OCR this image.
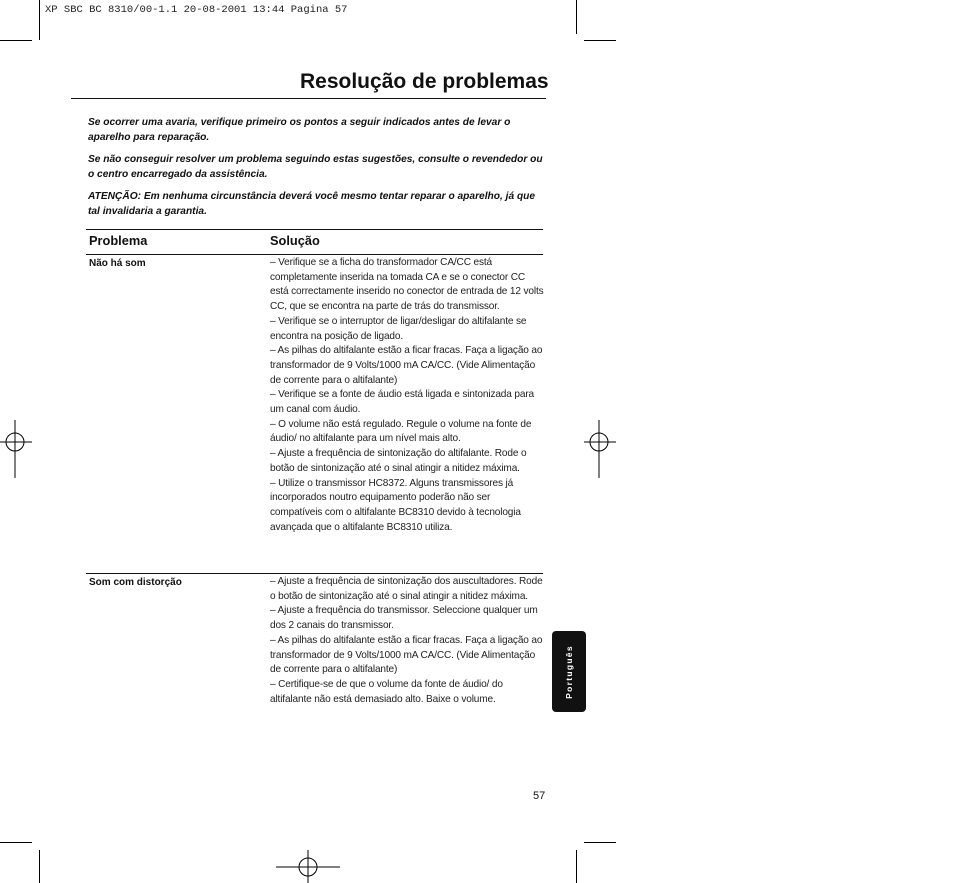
XP SBC BC 8310/00-1.1 20-08-2001 13:44 Pagina 57
Resolução de problemas

Se ocorrer uma avaria, verifique primeiro os pontos a seguir indicados antes de levar o aparelho para reparação.

Se não conseguir resolver um problema seguindo estas sugestões, consulte o revendedor ou o centro encarregado da assistência.

ATENÇÃO: Em nenhuma circunstância deverá você mesmo tentar reparar o aparelho, já que tal invalidaria a garantia.

Problema	Solução
Não há som	– Verifique se a ficha do transformador CA/CC está completamente inserida na tomada CA e se o conector CC está correctamente inserido no conector de entrada de 12 volts CC, que se encontra na parte de trás do transmissor.
– Verifique se o interruptor de ligar/desligar do altifalante se encontra na posição de ligado.
– As pilhas do altifalante estão a ficar fracas. Faça a ligação ao transformador de 9 Volts/1000 mA CA/CC. (Vide Alimentação de corrente para o altifalante)
– Verifique se a fonte de áudio está ligada e sintonizada para um canal com áudio.
– O volume não está regulado. Regule o volume na fonte de áudio/ no altifalante para um nível mais alto.
– Ajuste a frequência de sintonização do altifalante. Rode o botão de sintonização até o sinal atingir a nitidez máxima.
– Utilize o transmissor HC8372. Alguns transmissores já incorporados noutro equipamento poderão não ser compatíveis com o altifalante BC8310 devido à tecnologia avançada que o altifalante BC8310 utiliza.
Som com distorção	– Ajuste a frequência de sintonização dos auscultadores. Rode o botão de sintonização até o sinal atingir a nitidez máxima.
– Ajuste a frequência do transmissor. Seleccione qualquer um dos 2 canais do transmissor.
– As pilhas do altifalante estão a ficar fracas. Faça a ligação ao transformador de 9 Volts/1000 mA CA/CC. (Vide Alimentação de corrente para o altifalante)
– Certifique-se de que o volume da fonte de áudio/ do altifalante não está demasiado alto. Baixe o volume.
Português
57
